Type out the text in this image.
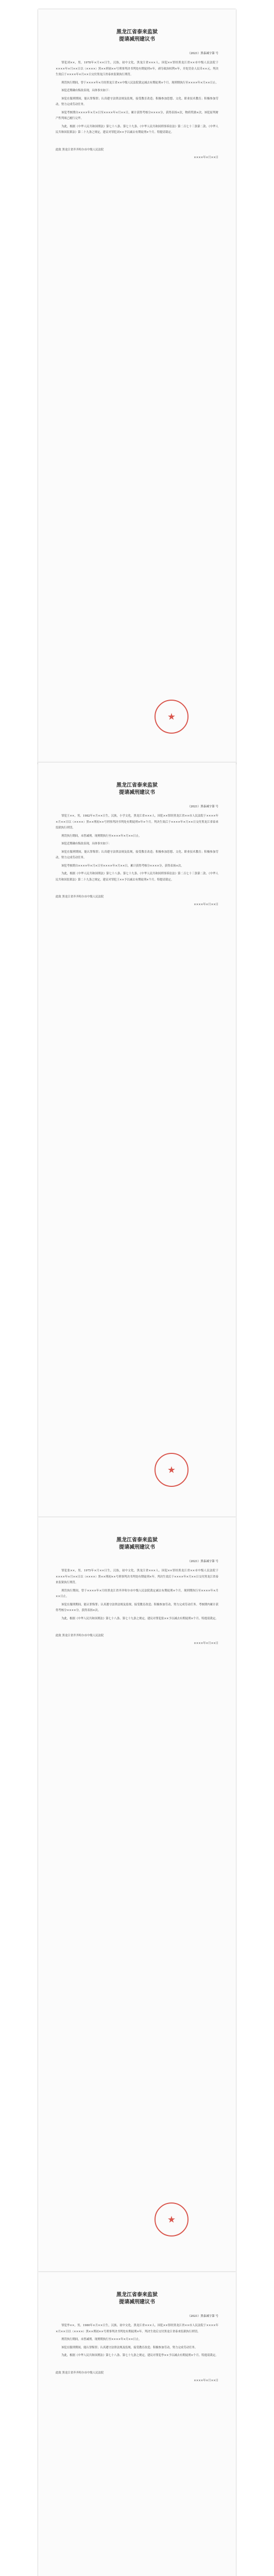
黑龙江省泰来监狱

提请减刑建议书

（2021）黑泰减字第 号

罪犯刘××，男，1978年×月××日生，汉族，初中文化，黑龙江省×××人。因犯××罪经黑龙江省××市中级人民法院于××××年×月××日以（××××）黑××刑初××号刑事判决书判处有期徒刑×年，剥夺政治权利×年，并处罚金人民币××元。判决生效后于××××年×月××日交付黑龙江省泰来监狱执行刑罚。

刑罚执行期间，曾于××××年×月经黑龙江省××中级人民法院裁定减去有期徒刑×个月。现刑期执行至××××年×月××日止。

该犯近期确有悔改表现，具体事实如下：

该犯在服刑期间，能认罪悔罪；认真遵守法律法规及监规，接受教育改造；积极参加思想、文化、职业技术教育；积极参加劳动，努力完成劳动任务。

该犯考核期自××××年×月×日至××××年×月××日，累计获得考核分××××分，获得表扬×次，物质奖励×次。该犯原判财产性判项已履行完毕。

为此，根据《中华人民共和国刑法》第七十八条、第七十九条、《中华人民共和国刑事诉讼法》第二百七十三条第二款、《中华人民共和国监狱法》第二十九条之规定，建议对罪犯刘××予以减去有期徒刑×个月。特提请裁定。

此致 黑龙江省齐齐哈尔市中级人民法院

××××年×月××日

★

黑龙江省泰来监狱

提请减刑建议书

（2021）黑泰减字第 号

罪犯王××，男，1982年×月××日生，汉族，小学文化，黑龙江省×××人。因犯××罪经黑龙江省××市人民法院于××××年×月××日以（××××）黑××刑初××号刑事判决书判处有期徒刑×年×个月。判决生效后于××××年×月××日交付黑龙江省泰来监狱执行刑罚。

刑罚执行期间，未曾减刑。现刑期执行至××××年×月××日止。

该犯近期确有悔改表现，具体事实如下：

该犯在服刑期间，能认罪悔罪；认真遵守法律法规及监规，接受教育改造；积极参加思想、文化、职业技术教育；积极参加劳动，努力完成劳动任务。

该犯考核期自××××年×月×日至××××年×月××日，累计获得考核分××××分，获得表扬×次。

为此，根据《中华人民共和国刑法》第七十八条、第七十九条、《中华人民共和国刑事诉讼法》第二百七十三条第二款、《中华人民共和国监狱法》第二十九条之规定，建议对罪犯王××予以减去有期徒刑×个月。特提请裁定。

此致 黑龙江省齐齐哈尔市中级人民法院

××××年×月××日

★

黑龙江省泰来监狱

提请减刑建议书

（2021）黑泰减字第 号

罪犯张××，男，1975年×月××日生，汉族，初中文化，黑龙江省×××人。因犯××罪经黑龙江省××市中级人民法院于××××年×月××日以（××××）黑××刑初××号刑事判决书判处有期徒刑×年。判决生效后于××××年×月××日交付黑龙江省泰来监狱执行刑罚。

刑罚执行期间，曾于××××年×月经黑龙江省齐齐哈尔市中级人民法院裁定减去有期徒刑×个月。现刑期执行至××××年×月××日止。

该犯在服刑期间，能认罪悔罪；认真遵守法律法规及监规，接受教育改造；积极参加劳动，努力完成劳动任务。考核期内累计获得考核分××××分，获得表扬×次。

为此，根据《中华人民共和国刑法》第七十八条、第七十九条之规定，建议对罪犯张××予以减去有期徒刑×个月。特提请裁定。

此致 黑龙江省齐齐哈尔市中级人民法院

××××年×月××日

★

黑龙江省泰来监狱

提请减刑建议书

（2021）黑泰减字第 号

罪犯李××，男，1980年×月××日生，汉族，初中文化，黑龙江省×××人。因犯××罪经黑龙江省××市人民法院于××××年×月××日以（××××）黑××刑初××号刑事判决书判处有期徒刑×年。判决生效后交付黑龙江省泰来监狱执行刑罚。

刑罚执行期间，未曾减刑。现刑期执行至××××年×月××日止。

该犯在服刑期间，能认罪悔罪；认真遵守法律法规及监规，接受教育改造；积极参加劳动，努力完成劳动任务。

为此，根据《中华人民共和国刑法》第七十八条、第七十九条之规定，建议对罪犯李××予以减去有期徒刑×个月。特提请裁定。

此致 黑龙江省齐齐哈尔市中级人民法院

××××年×月××日
